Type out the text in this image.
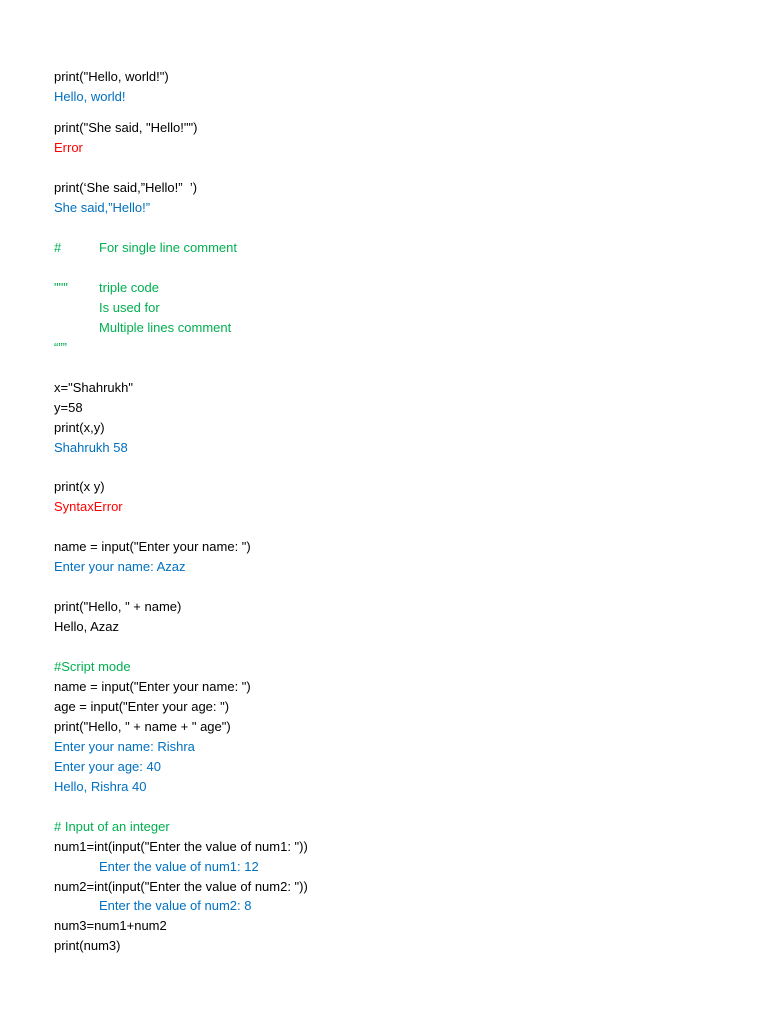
print("Hello, world!")
Hello, world!
print("She said, "Hello!"")
Error
print(‘She said,”Hello!”  ’)
She said,”Hello!”
#	For single line comment
""" triple code
Is used for
Multiple lines comment
“””
x="Shahrukh"
y=58
print(x,y)
Shahrukh 58
print(x y)
SyntaxError
name = input("Enter your name: ")
Enter your name: Azaz
print("Hello, " + name)
Hello, Azaz
#Script mode
name = input("Enter your name: ")
age = input("Enter your age: ")
print("Hello, " + name + " age")
Enter your name: Rishra
Enter your age: 40
Hello, Rishra 40
# Input of an integer
num1=int(input("Enter the value of num1: "))
Enter the value of num1: 12
num2=int(input("Enter the value of num2: "))
Enter the value of num2: 8
num3=num1+num2
print(num3)
